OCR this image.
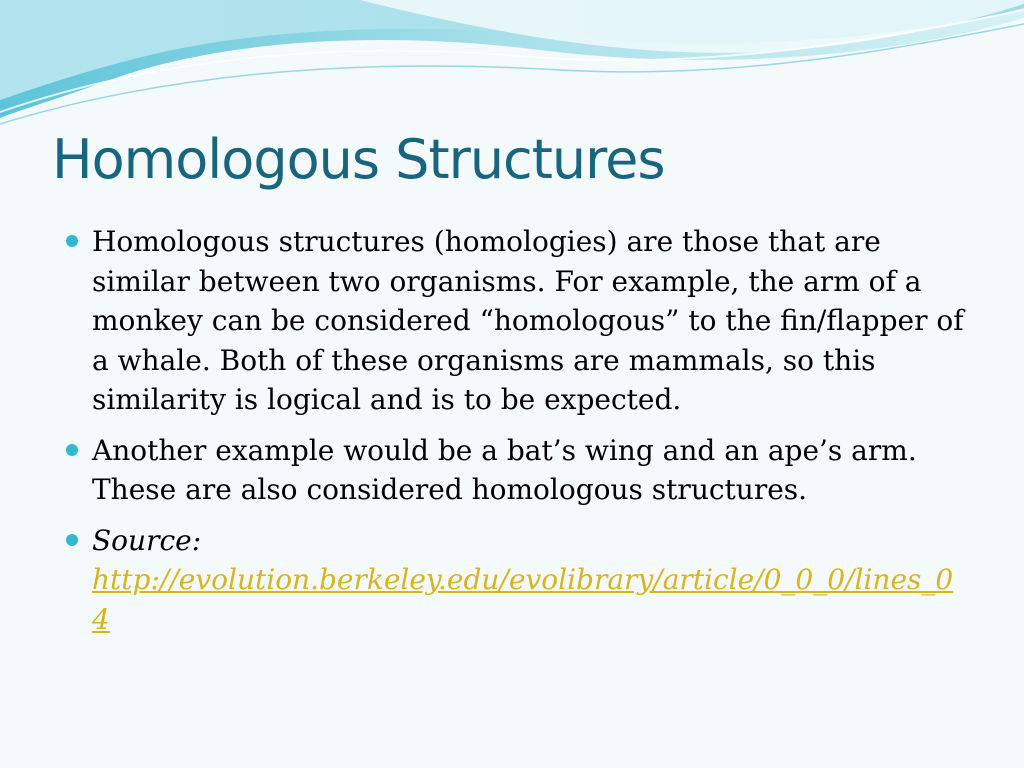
Homologous Structures
Homologous structures (homologies) are those that are similar between two organisms. For example, the arm of a monkey can be considered “homologous” to the fin/flapper of a whale. Both of these organisms are mammals, so this similarity is logical and is to be expected.
Another example would be a bat’s wing and an ape’s arm. These are also considered homologous structures.
Source:
http://evolution.berkeley.edu/evolibrary/article/0_0_0/lines_04
